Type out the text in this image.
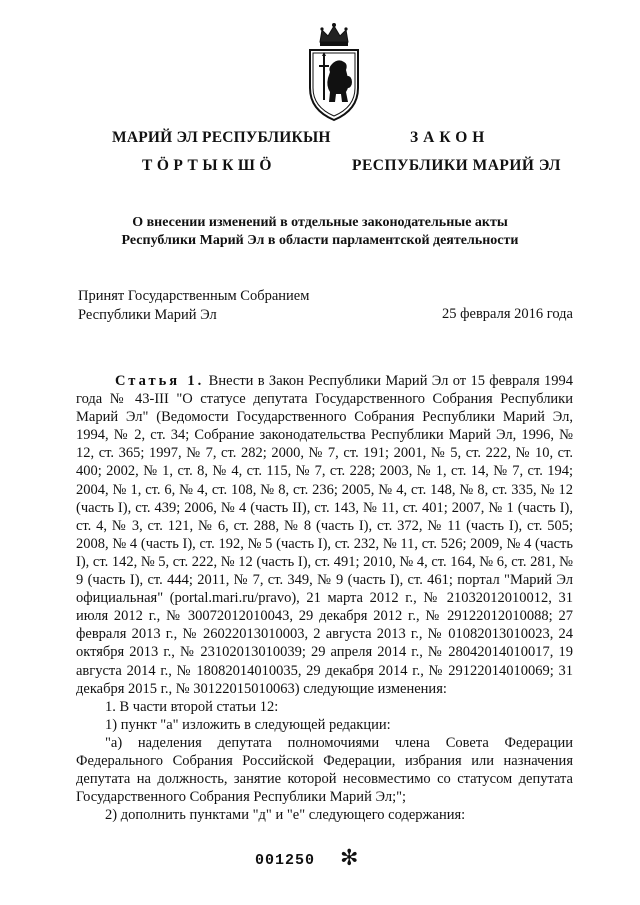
МАРИЙ ЭЛ РЕСПУБЛИКЫН
ТӦРТЫКШӦ
ЗАКОН
РЕСПУБЛИКИ МАРИЙ ЭЛ
О внесении изменений в отдельные законодательные акты
Республики Марий Эл в области парламентской деятельности
Принят Государственным Собранием
Республики Марий Эл	25 февраля 2016 года

Статья 1. Внести в Закон Республики Марий Эл от 15 февраля 1994 года № 43-III "О статусе депутата Государственного Собрания Республики Марий Эл" (Ведомости Государственного Собрания Республики Марий Эл, 1994, № 2, ст. 34; Собрание законодательства Республики Марий Эл, 1996, № 12, ст. 365; 1997, № 7, ст. 282; 2000, № 7, ст. 191; 2001, № 5, ст. 222, № 10, ст. 400; 2002, № 1, ст. 8, № 4, ст. 115, № 7, ст. 228; 2003, № 1, ст. 14, № 7, ст. 194; 2004, № 1, ст. 6, № 4, ст. 108, № 8, ст. 236; 2005, № 4, ст. 148, № 8, ст. 335, № 12 (часть I), ст. 439; 2006, № 4 (часть II), ст. 143, № 11, ст. 401; 2007, № 1 (часть I), ст. 4, № 3, ст. 121, № 6, ст. 288, № 8 (часть I), ст. 372, № 11 (часть I), ст. 505; 2008, № 4 (часть I), ст. 192, № 5 (часть I), ст. 232, № 11, ст. 526; 2009, № 4 (часть I), ст. 142, № 5, ст. 222, № 12 (часть I), ст. 491; 2010, № 4, ст. 164, № 6, ст. 281, № 9 (часть I), ст. 444; 2011, № 7, ст. 349, № 9 (часть I), ст. 461; портал "Марий Эл официальная" (portal.mari.ru/pravo), 21 марта 2012 г., № 21032012010012, 31 июля 2012 г., № 30072012010043, 29 декабря 2012 г., № 29122012010088; 27 февраля 2013 г., № 26022013010003, 2 августа 2013 г., № 01082013010023, 24 октября 2013 г., № 23102013010039; 29 апреля 2014 г., № 28042014010017, 19 августа 2014 г., № 18082014010035, 29 декабря 2014 г., № 29122014010069; 31 декабря 2015 г., № 30122015010063) следующие изменения:

1. В части второй статьи 12:

1) пункт "а" изложить в следующей редакции:

"а) наделения депутата полномочиями члена Совета Федерации Федерального Собрания Российской Федерации, избрания или назначения депутата на должность, занятие которой несовместимо со статусом депутата Государственного Собрания Республики Марий Эл;";

2) дополнить пунктами "д" и "е" следующего содержания:

001250 ✻
